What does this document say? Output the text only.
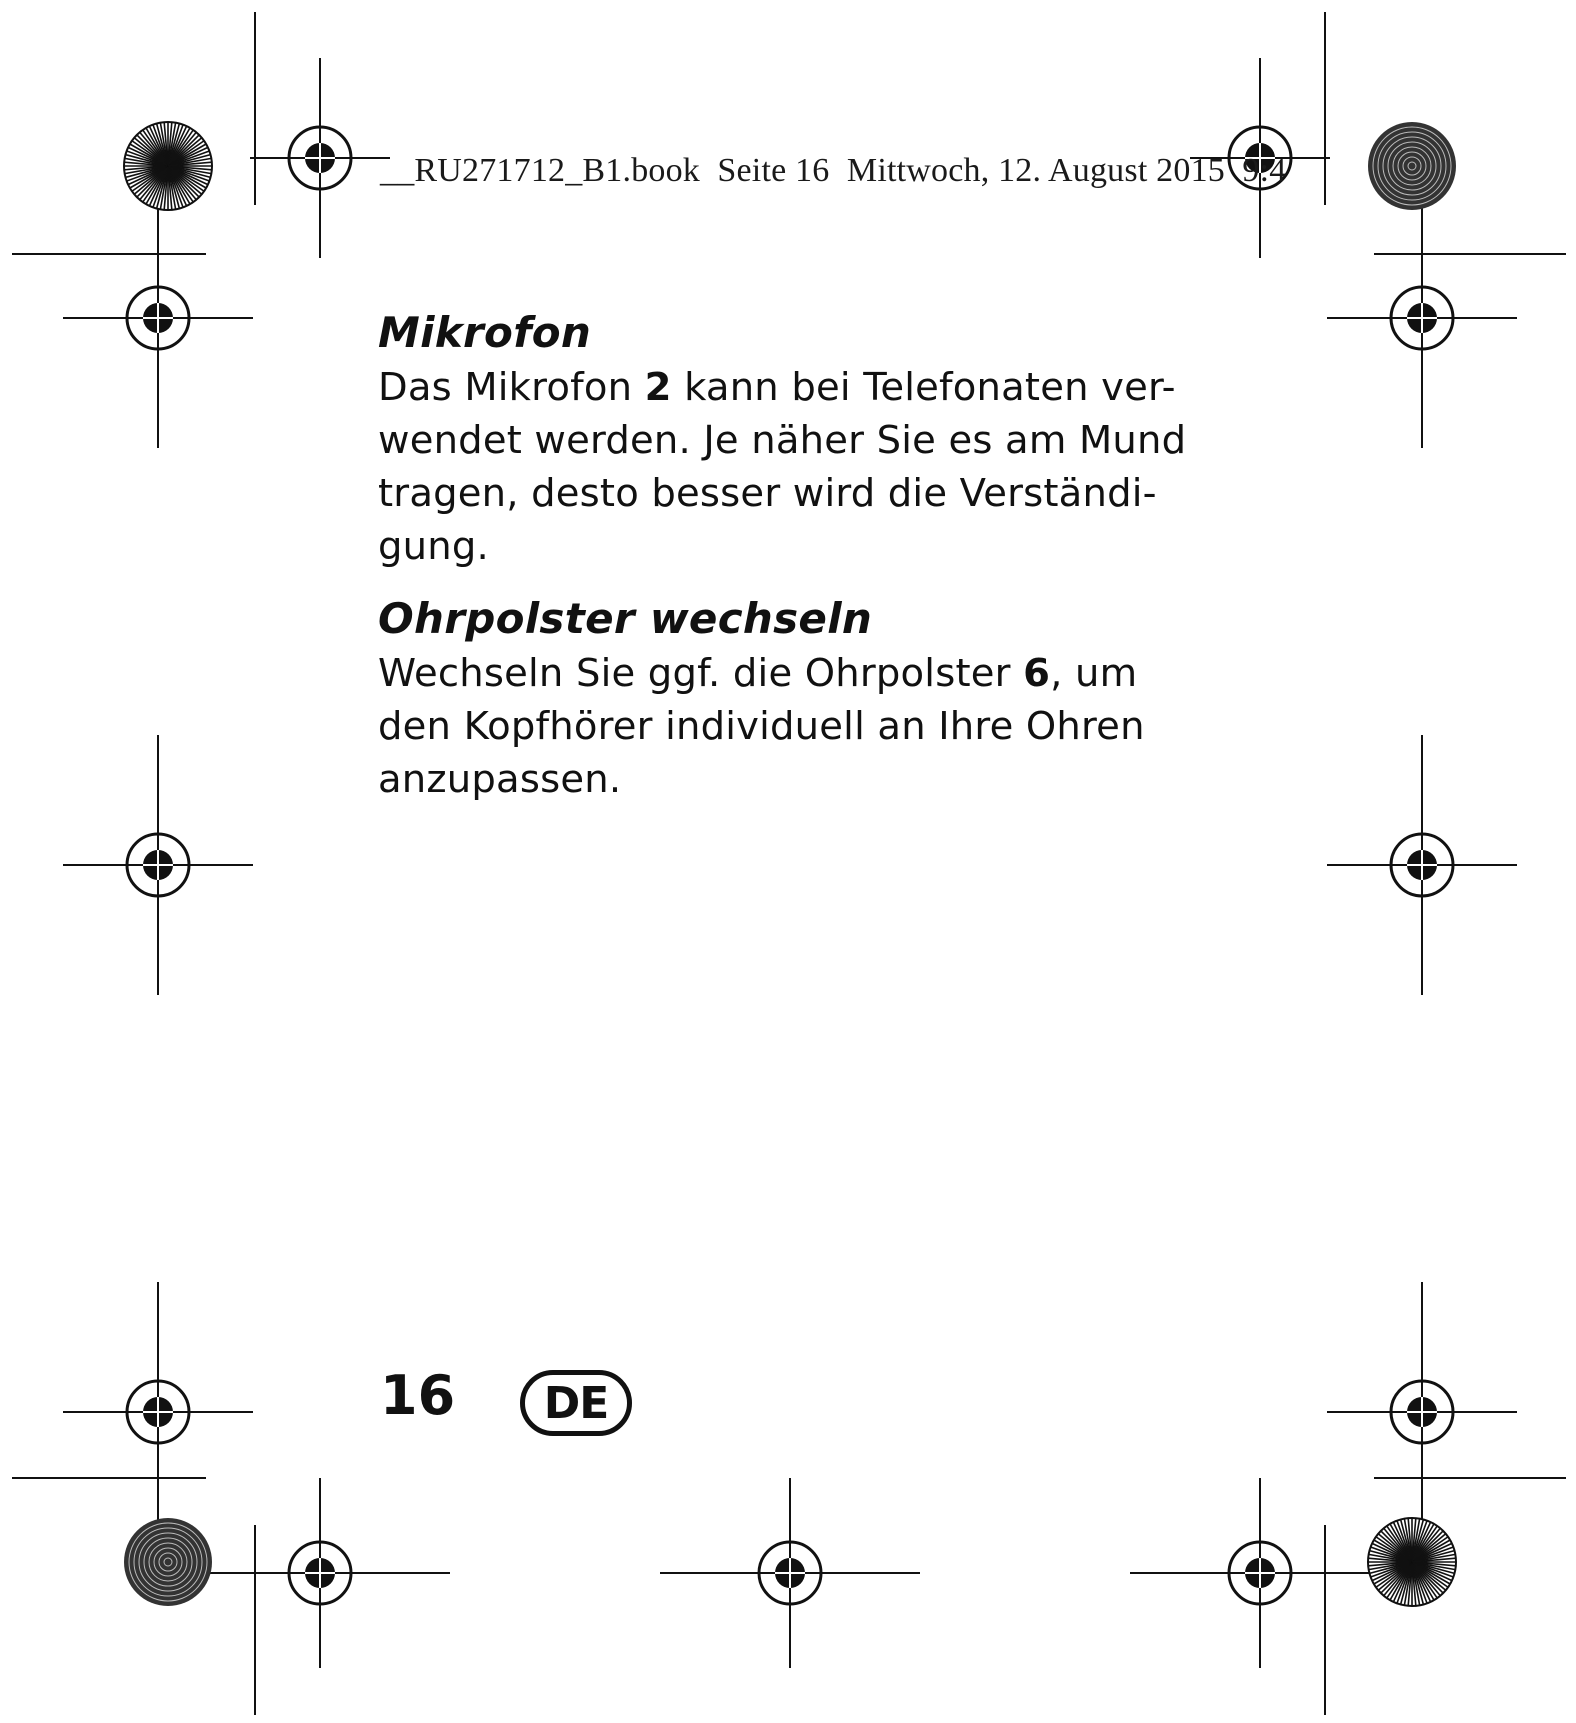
__RU271712_B1.book  Seite 16  Mittwoch, 12. August 2015  9:4
Mikrofon

Das Mikrofon 2 kann bei Telefonaten ver-
wendet werden. Je näher Sie es am Mund
tragen, desto besser wird die Verständi-
gung.

Ohrpolster wechseln

Wechseln Sie ggf. die Ohrpolster 6, um
den Kopfhörer individuell an Ihre Ohren
anzupassen.

16	DE
